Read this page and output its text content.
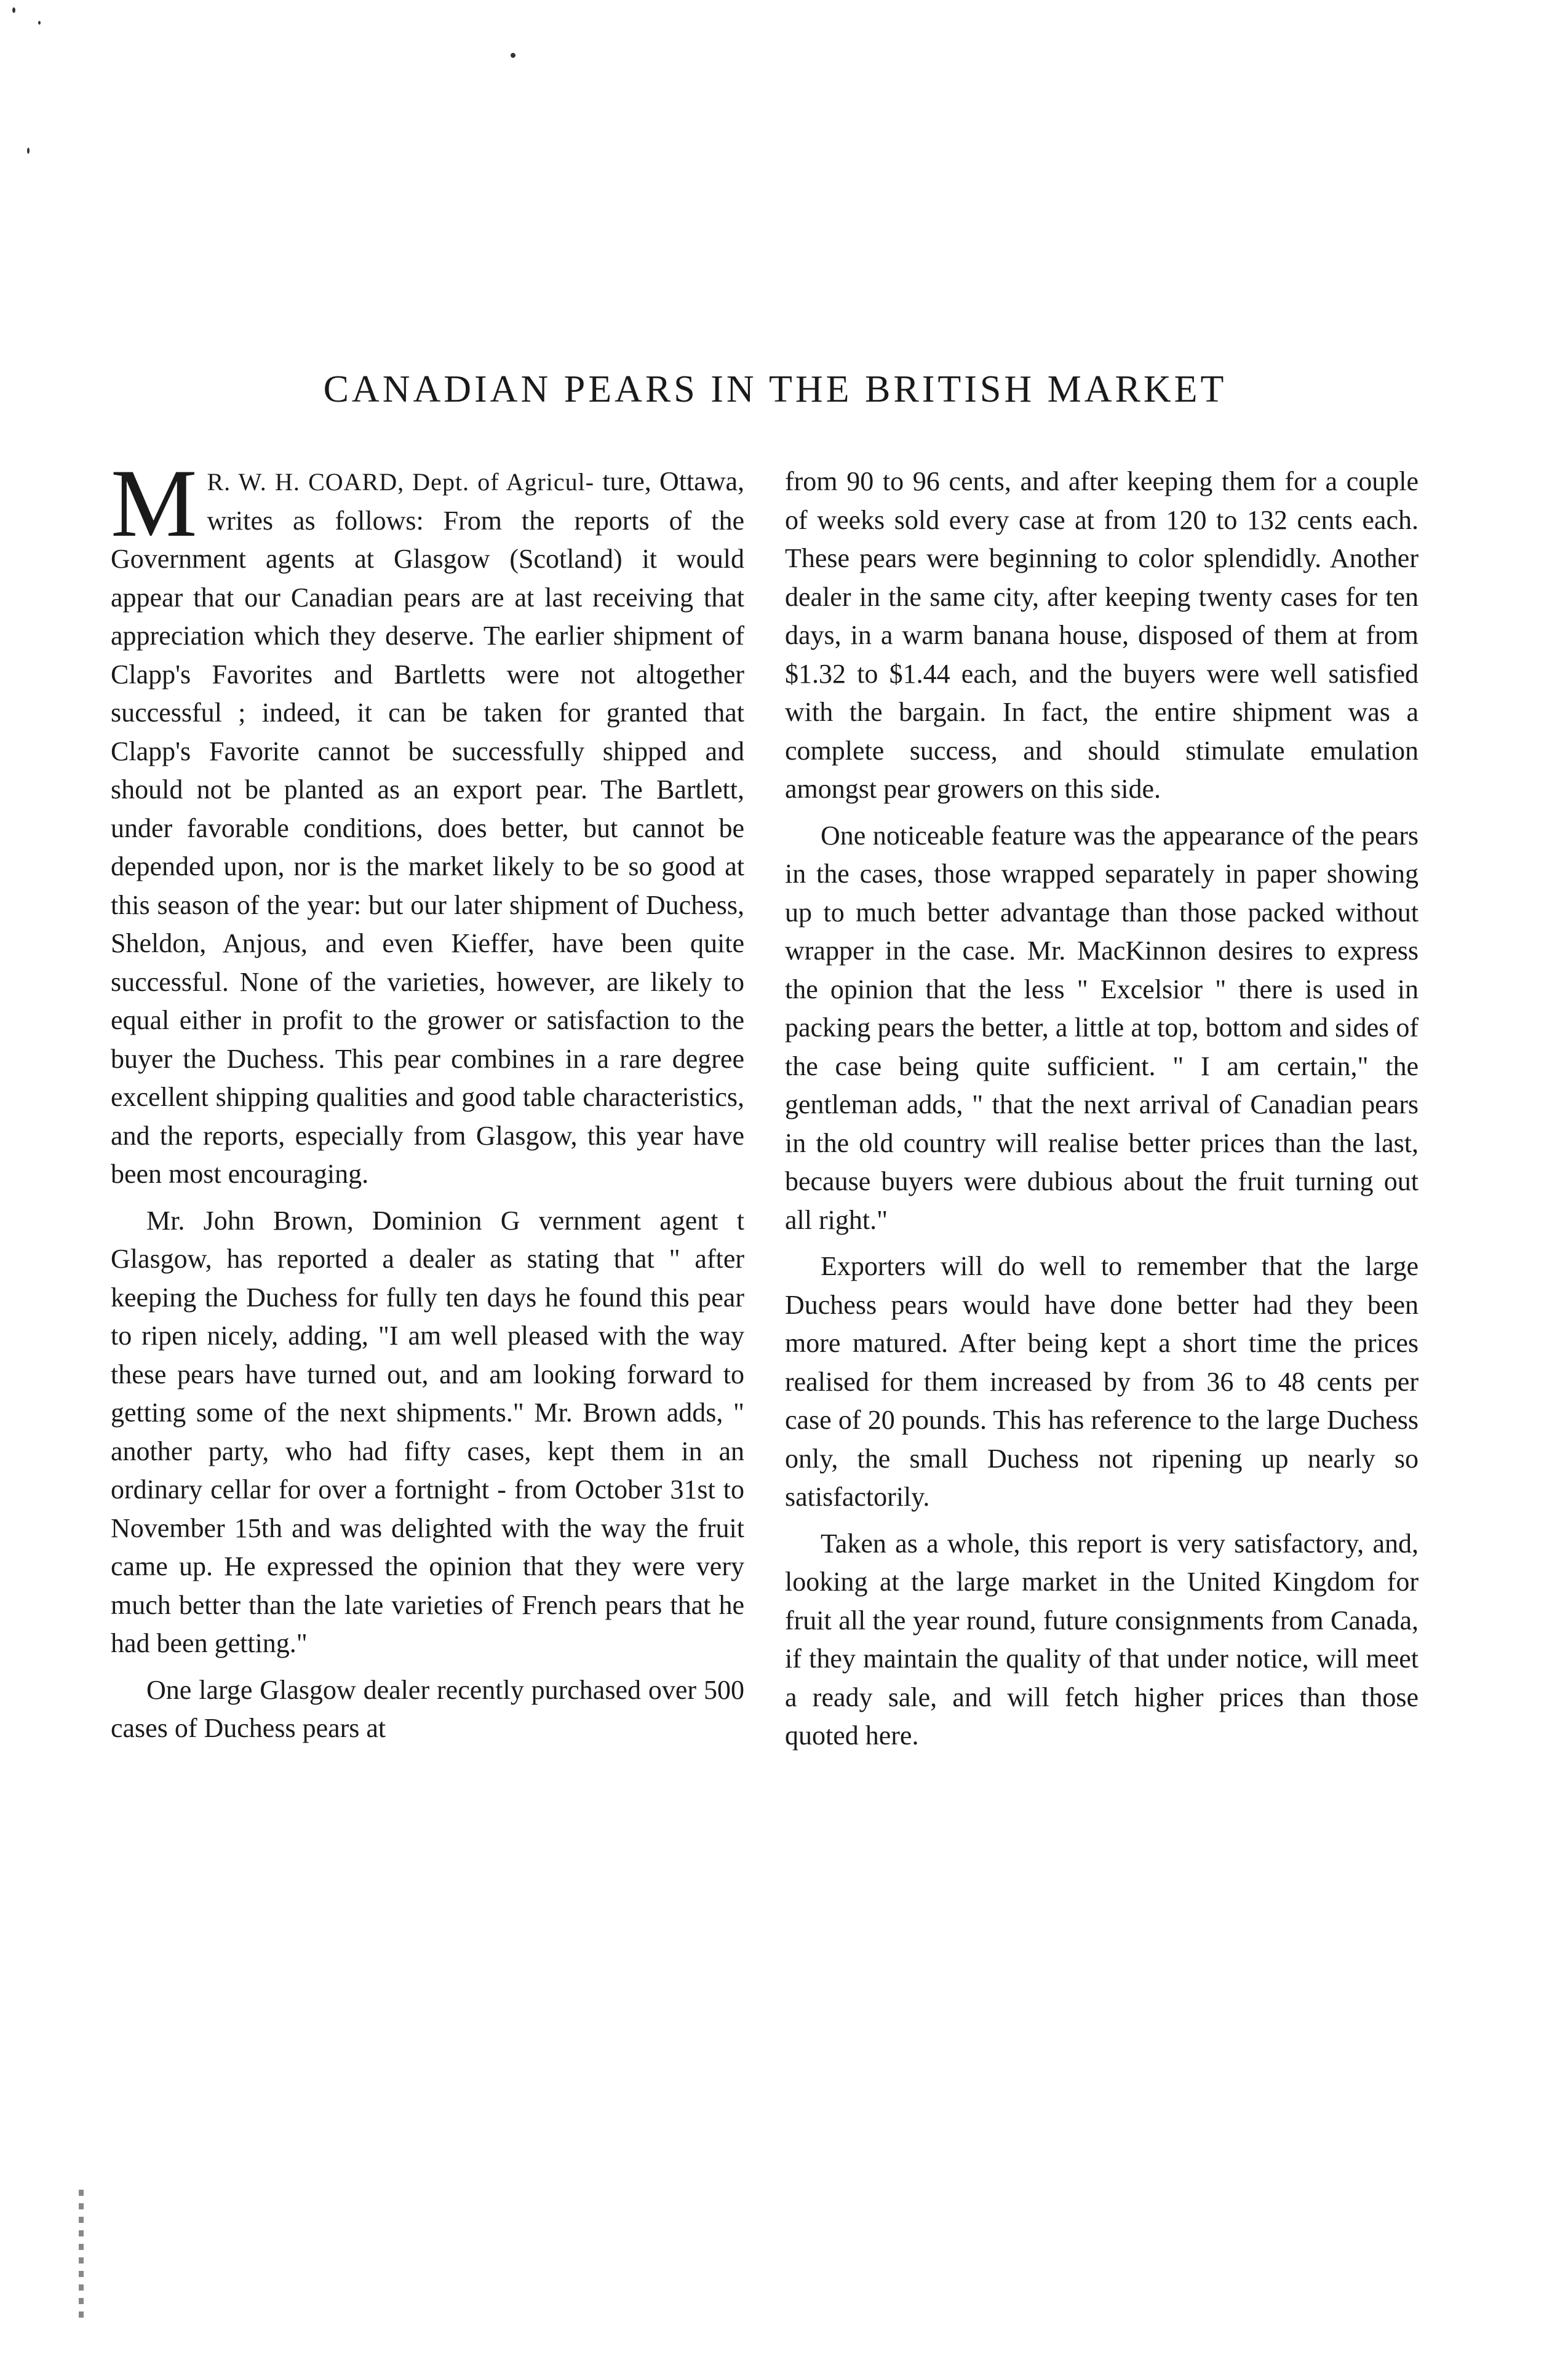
CANADIAN PEARS IN THE BRITISH MARKET

M R. W. H. COARD, Dept. of Agricul- ture, Ottawa, writes as follows: From the reports of the Government agents at Glasgow (Scotland) it would appear that our Canadian pears are at last receiving that appreciation which they deserve. The earlier shipment of Clapp's Favorites and Bartletts were not altogether successful ; indeed, it can be taken for granted that Clapp's Favorite cannot be successfully shipped and should not be planted as an export pear. The Bartlett, under favorable conditions, does better, but cannot be depended upon, nor is the market likely to be so good at this season of the year: but our later shipment of Duchess, Sheldon, Anjous, and even Kieffer, have been quite successful. None of the varieties, however, are likely to equal either in profit to the grower or satisfaction to the buyer the Duchess. This pear combines in a rare degree excellent shipping qualities and good table characteristics, and the reports, especially from Glasgow, this year have been most encouraging.

Mr. John Brown, Dominion G vernment agent t Glasgow, has reported a dealer as stating that " after keeping the Duchess for fully ten days he found this pear to ripen nicely, adding, "I am well pleased with the way these pears have turned out, and am looking forward to getting some of the next shipments." Mr. Brown adds, " another party, who had fifty cases, kept them in an ordinary cellar for over a fortnight - from October 31st to November 15th and was delighted with the way the fruit came up. He expressed the opinion that they were very much better than the late varieties of French pears that he had been getting."

One large Glasgow dealer recently purchased over 500 cases of Duchess pears at

from 90 to 96 cents, and after keeping them for a couple of weeks sold every case at from 120 to 132 cents each. These pears were beginning to color splendidly. Another dealer in the same city, after keeping twenty cases for ten days, in a warm banana house, disposed of them at from $1.32 to $1.44 each, and the buyers were well satisfied with the bargain. In fact, the entire shipment was a complete success, and should stimulate emulation amongst pear growers on this side.

One noticeable feature was the appearance of the pears in the cases, those wrapped separately in paper showing up to much better advantage than those packed without wrapper in the case. Mr. MacKinnon desires to express the opinion that the less " Excelsior " there is used in packing pears the better, a little at top, bottom and sides of the case being quite sufficient. " I am certain," the gentleman adds, " that the next arrival of Canadian pears in the old country will realise better prices than the last, because buyers were dubious about the fruit turning out all right."

Exporters will do well to remember that the large Duchess pears would have done better had they been more matured. After being kept a short time the prices realised for them increased by from 36 to 48 cents per case of 20 pounds. This has reference to the large Duchess only, the small Duchess not ripening up nearly so satisfactorily.

Taken as a whole, this report is very satisfactory, and, looking at the large market in the United Kingdom for fruit all the year round, future consignments from Canada, if they maintain the quality of that under notice, will meet a ready sale, and will fetch higher prices than those quoted here.
